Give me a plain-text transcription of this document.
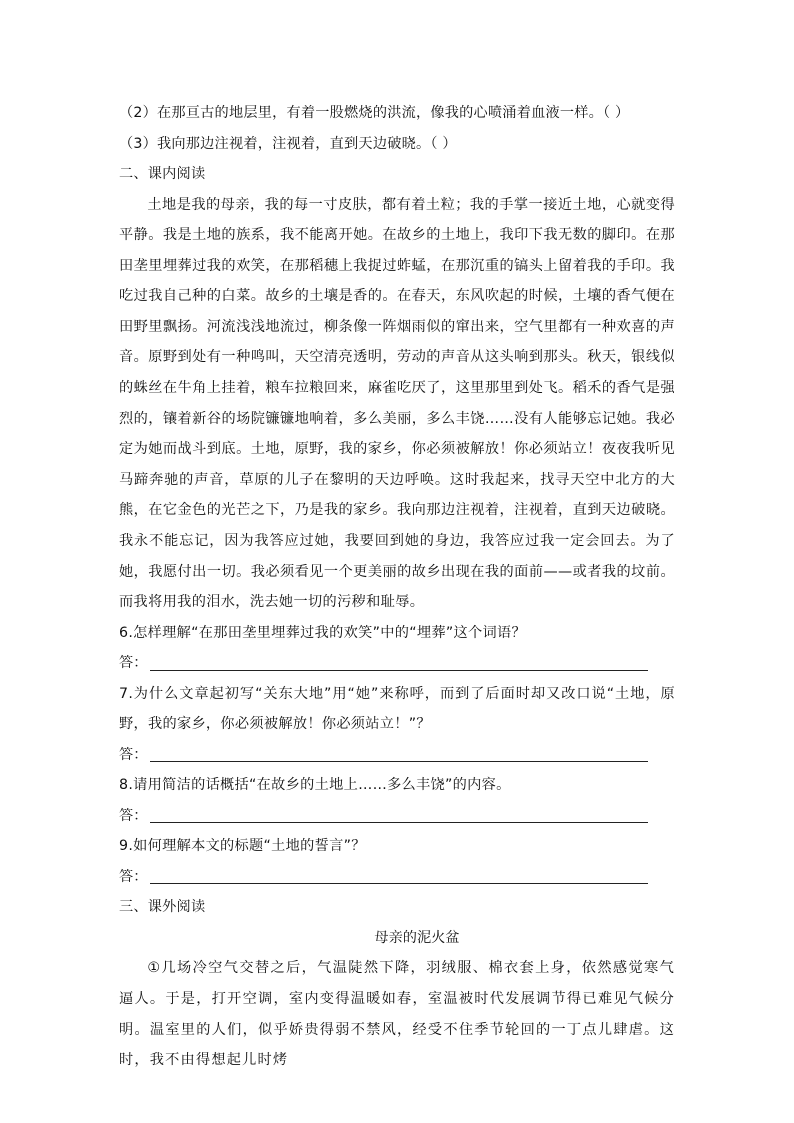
（2）在那亘古的地层里，有着一股燃烧的洪流，像我的心喷涌着血液一样。（ ）
（3）我向那边注视着，注视着，直到天边破晓。（ ）
二、课内阅读
土地是我的母亲，我的每一寸皮肤，都有着土粒；我的手掌一接近土地，心就变得平静。我是土地的族系，我不能离开她。在故乡的土地上，我印下我无数的脚印。在那田垄里埋葬过我的欢笑，在那稻穗上我捉过蚱蜢，在那沉重的镐头上留着我的手印。我吃过我自己种的白菜。故乡的土壤是香的。在春天，东风吹起的时候，土壤的香气便在田野里飘扬。河流浅浅地流过，柳条像一阵烟雨似的窜出来，空气里都有一种欢喜的声音。原野到处有一种鸣叫，天空清亮透明，劳动的声音从这头响到那头。秋天，银线似的蛛丝在牛角上挂着，粮车拉粮回来，麻雀吃厌了，这里那里到处飞。稻禾的香气是强烈的，镶着新谷的场院镰镰地响着，多么美丽，多么丰饶……没有人能够忘记她。我必定为她而战斗到底。土地，原野，我的家乡，你必须被解放！你必须站立！夜夜我听见马蹄奔驰的声音，草原的儿子在黎明的天边呼唤。这时我起来，找寻天空中北方的大熊，在它金色的光芒之下，乃是我的家乡。我向那边注视着，注视着，直到天边破晓。我永不能忘记，因为我答应过她，我要回到她的身边，我答应过我一定会回去。为了她，我愿付出一切。我必须看见一个更美丽的故乡出现在我的面前——或者我的坟前。而我将用我的泪水，洗去她一切的污秽和耻辱。
6.怎样理解“在那田垄里埋葬过我的欢笑”中的“埋葬”这个词语？
答：
7.为什么文章起初写“关东大地”用“她”来称呼，而到了后面时却又改口说“土地，原野，我的家乡，你必须被解放！你必须站立！”？
答：
8.请用简洁的话概括“在故乡的土地上……多么丰饶”的内容。
答：
9.如何理解本文的标题“土地的誓言”？
答：
三、课外阅读
母亲的泥火盆
①几场冷空气交替之后，气温陡然下降，羽绒服、棉衣套上身，依然感觉寒气逼人。于是，打开空调，室内变得温暖如春，室温被时代发展调节得已难见气候分明。温室里的人们，似乎娇贵得弱不禁风，经受不住季节轮回的一丁点儿肆虐。这时，我不由得想起儿时烤
